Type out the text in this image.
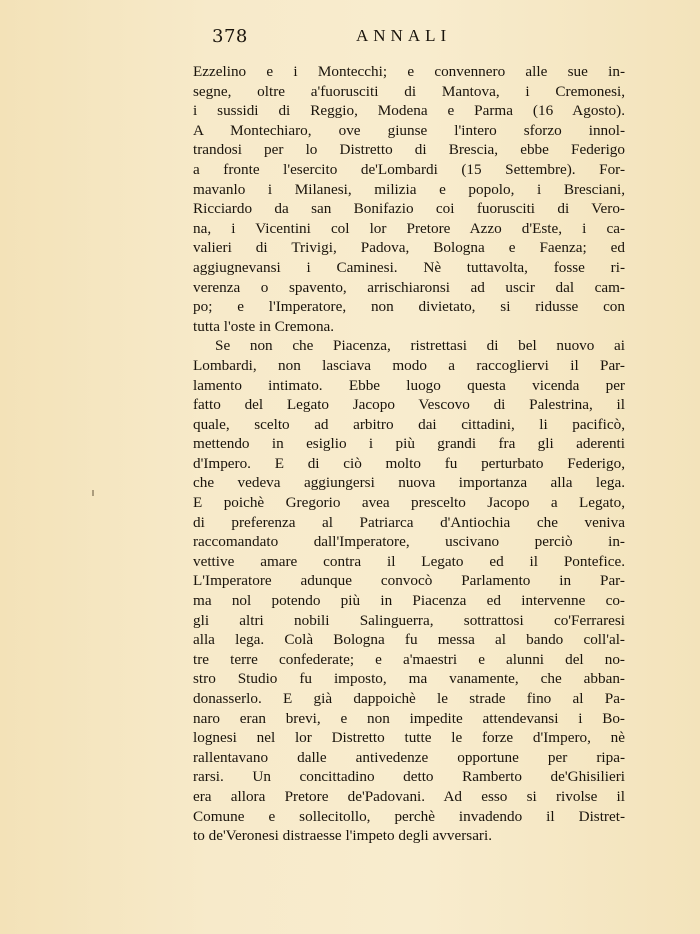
378	ANNALI
Ezzelino e i Montecchi; e convennero alle sue in-
segne, oltre a'fuorusciti di Mantova, i Cremonesi,
i sussidi di Reggio, Modena e Parma (16 Agosto).
A Montechiaro, ove giunse l'intero sforzo innol-
trandosi per lo Distretto di Brescia, ebbe Federigo
a fronte l'esercito de'Lombardi (15 Settembre). For-
mavanlo i Milanesi, milizia e popolo, i Bresciani,
Ricciardo da san Bonifazio coi fuorusciti di Vero-
na, i Vicentini col lor Pretore Azzo d'Este, i ca-
valieri di Trivigi, Padova, Bologna e Faenza; ed
aggiugnevansi i Caminesi. Nè tuttavolta, fosse ri-
verenza o spavento, arrischiaronsi ad uscir dal cam-
po; e l'Imperatore, non divietato, si ridusse con
tutta l'oste in Cremona.
Se non che Piacenza, ristrettasi di bel nuovo ai
Lombardi, non lasciava modo a raccogliervi il Par-
lamento intimato. Ebbe luogo questa vicenda per
fatto del Legato Jacopo Vescovo di Palestrina, il
quale, scelto ad arbitro dai cittadini, li pacificò,
mettendo in esiglio i più grandi fra gli aderenti
d'Impero. E di ciò molto fu perturbato Federigo,
che vedeva aggiungersi nuova importanza alla lega.
E poichè Gregorio avea prescelto Jacopo a Legato,
di preferenza al Patriarca d'Antiochia che veniva
raccomandato dall'Imperatore, uscivano perciò in-
vettive amare contra il Legato ed il Pontefice.
L'Imperatore adunque convocò Parlamento in Par-
ma nol potendo più in Piacenza ed intervenne co-
gli altri nobili Salinguerra, sottrattosi co'Ferraresi
alla lega. Colà Bologna fu messa al bando coll'al-
tre terre confederate; e a'maestri e alunni del no-
stro Studio fu imposto, ma vanamente, che abban-
donasserlo. E già dappoichè le strade fino al Pa-
naro eran brevi, e non impedite attendevansi i Bo-
lognesi nel lor Distretto tutte le forze d'Impero, nè
rallentavano dalle antivedenze opportune per ripa-
rarsi. Un concittadino detto Ramberto de'Ghisilieri
era allora Pretore de'Padovani. Ad esso si rivolse il
Comune e sollecitollo, perchè invadendo il Distret-
to de'Veronesi distraesse l'impeto degli avversari.
